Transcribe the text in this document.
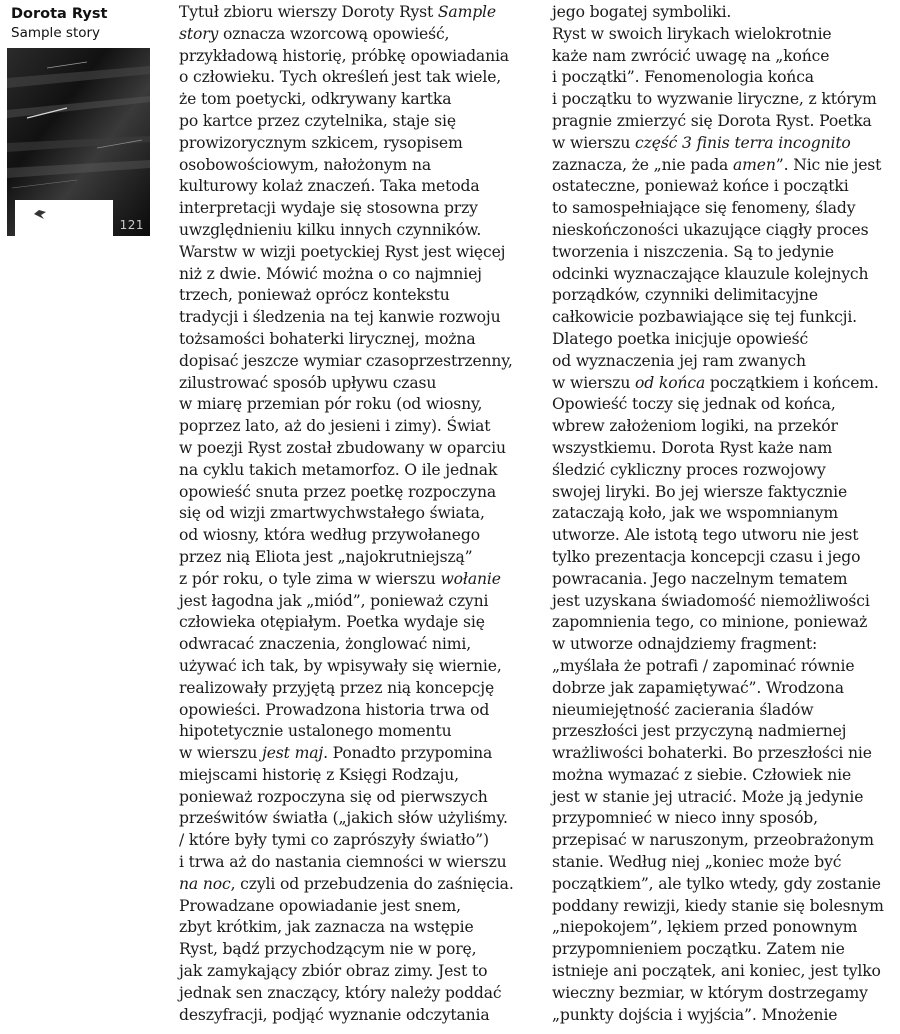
Dorota Ryst

Sample story

121

Tytuł zbioru wierszy Doroty Ryst Sample
story oznacza wzorcową opowieść,
przykładową historię, próbkę opowiadania
o człowieku. Tych określeń jest tak wiele,
że tom poetycki, odkrywany kartka
po kartce przez czytelnika, staje się
prowizorycznym szkicem, rysopisem
osobowościowym, nałożonym na
kulturowy kolaż znaczeń. Taka metoda
interpretacji wydaje się stosowna przy
uwzględnieniu kilku innych czynników.
Warstw w wizji poetyckiej Ryst jest więcej
niż z dwie. Mówić można o co najmniej
trzech, ponieważ oprócz kontekstu
tradycji i śledzenia na tej kanwie rozwoju
tożsamości bohaterki lirycznej, można
dopisać jeszcze wymiar czasoprzestrzenny,
zilustrować sposób upływu czasu
w miarę przemian pór roku (od wiosny,
poprzez lato, aż do jesieni i zimy). Świat
w poezji Ryst został zbudowany w oparciu
na cyklu takich metamorfoz. O ile jednak
opowieść snuta przez poetkę rozpoczyna
się od wizji zmartwychwstałego świata,
od wiosny, która według przywołanego
przez nią Eliota jest „najokrutniejszą”
z pór roku, o tyle zima w wierszu wołanie
jest łagodna jak „miód”, ponieważ czyni
człowieka otępiałym. Poetka wydaje się
odwracać znaczenia, żonglować nimi,
używać ich tak, by wpisywały się wiernie,
realizowały przyjętą przez nią koncepcję
opowieści. Prowadzona historia trwa od
hipotetycznie ustalonego momentu
w wierszu jest maj. Ponadto przypomina
miejscami historię z Księgi Rodzaju,
ponieważ rozpoczyna się od pierwszych
prześwitów światła („jakich słów użyliśmy.
/ które były tymi co zaprószyły światło”)
i trwa aż do nastania ciemności w wierszu
na noc, czyli od przebudzenia do zaśnięcia.
Prowadzane opowiadanie jest snem,
zbyt krótkim, jak zaznacza na wstępie
Ryst, bądź przychodzącym nie w porę,
jak zamykający zbiór obraz zimy. Jest to
jednak sen znaczący, który należy poddać
deszyfracji, podjąć wyznanie odczytania
jego bogatej symboliki.
Ryst w swoich lirykach wielokrotnie
każe nam zwrócić uwagę na „końce
i początki”. Fenomenologia końca
i początku to wyzwanie liryczne, z którym
pragnie zmierzyć się Dorota Ryst. Poetka
w wierszu część 3 finis terra incognito
zaznacza, że „nie pada amen”. Nic nie jest
ostateczne, ponieważ końce i początki
to samospełniające się fenomeny, ślady
nieskończoności ukazujące ciągły proces
tworzenia i niszczenia. Są to jedynie
odcinki wyznaczające klauzule kolejnych
porządków, czynniki delimitacyjne
całkowicie pozbawiające się tej funkcji.
Dlatego poetka inicjuje opowieść
od wyznaczenia jej ram zwanych
w wierszu od końca początkiem i końcem.
Opowieść toczy się jednak od końca,
wbrew założeniom logiki, na przekór
wszystkiemu. Dorota Ryst każe nam
śledzić cykliczny proces rozwojowy
swojej liryki. Bo jej wiersze faktycznie
zataczają koło, jak we wspomnianym
utworze. Ale istotą tego utworu nie jest
tylko prezentacja koncepcji czasu i jego
powracania. Jego naczelnym tematem
jest uzyskana świadomość niemożliwości
zapomnienia tego, co minione, ponieważ
w utworze odnajdziemy fragment:
„myślała że potrafi / zapominać równie
dobrze jak zapamiętywać”. Wrodzona
nieumiejętność zacierania śladów
przeszłości jest przyczyną nadmiernej
wrażliwości bohaterki. Bo przeszłości nie
można wymazać z siebie. Człowiek nie
jest w stanie jej utracić. Może ją jedynie
przypomnieć w nieco inny sposób,
przepisać w naruszonym, przeobrażonym
stanie. Według niej „koniec może być
początkiem”, ale tylko wtedy, gdy zostanie
poddany rewizji, kiedy stanie się bolesnym
„niepokojem”, lękiem przed ponownym
przypomnieniem początku. Zatem nie
istnieje ani początek, ani koniec, jest tylko
wieczny bezmiar, w którym dostrzegamy
„punkty dojścia i wyjścia”. Mnożenie
